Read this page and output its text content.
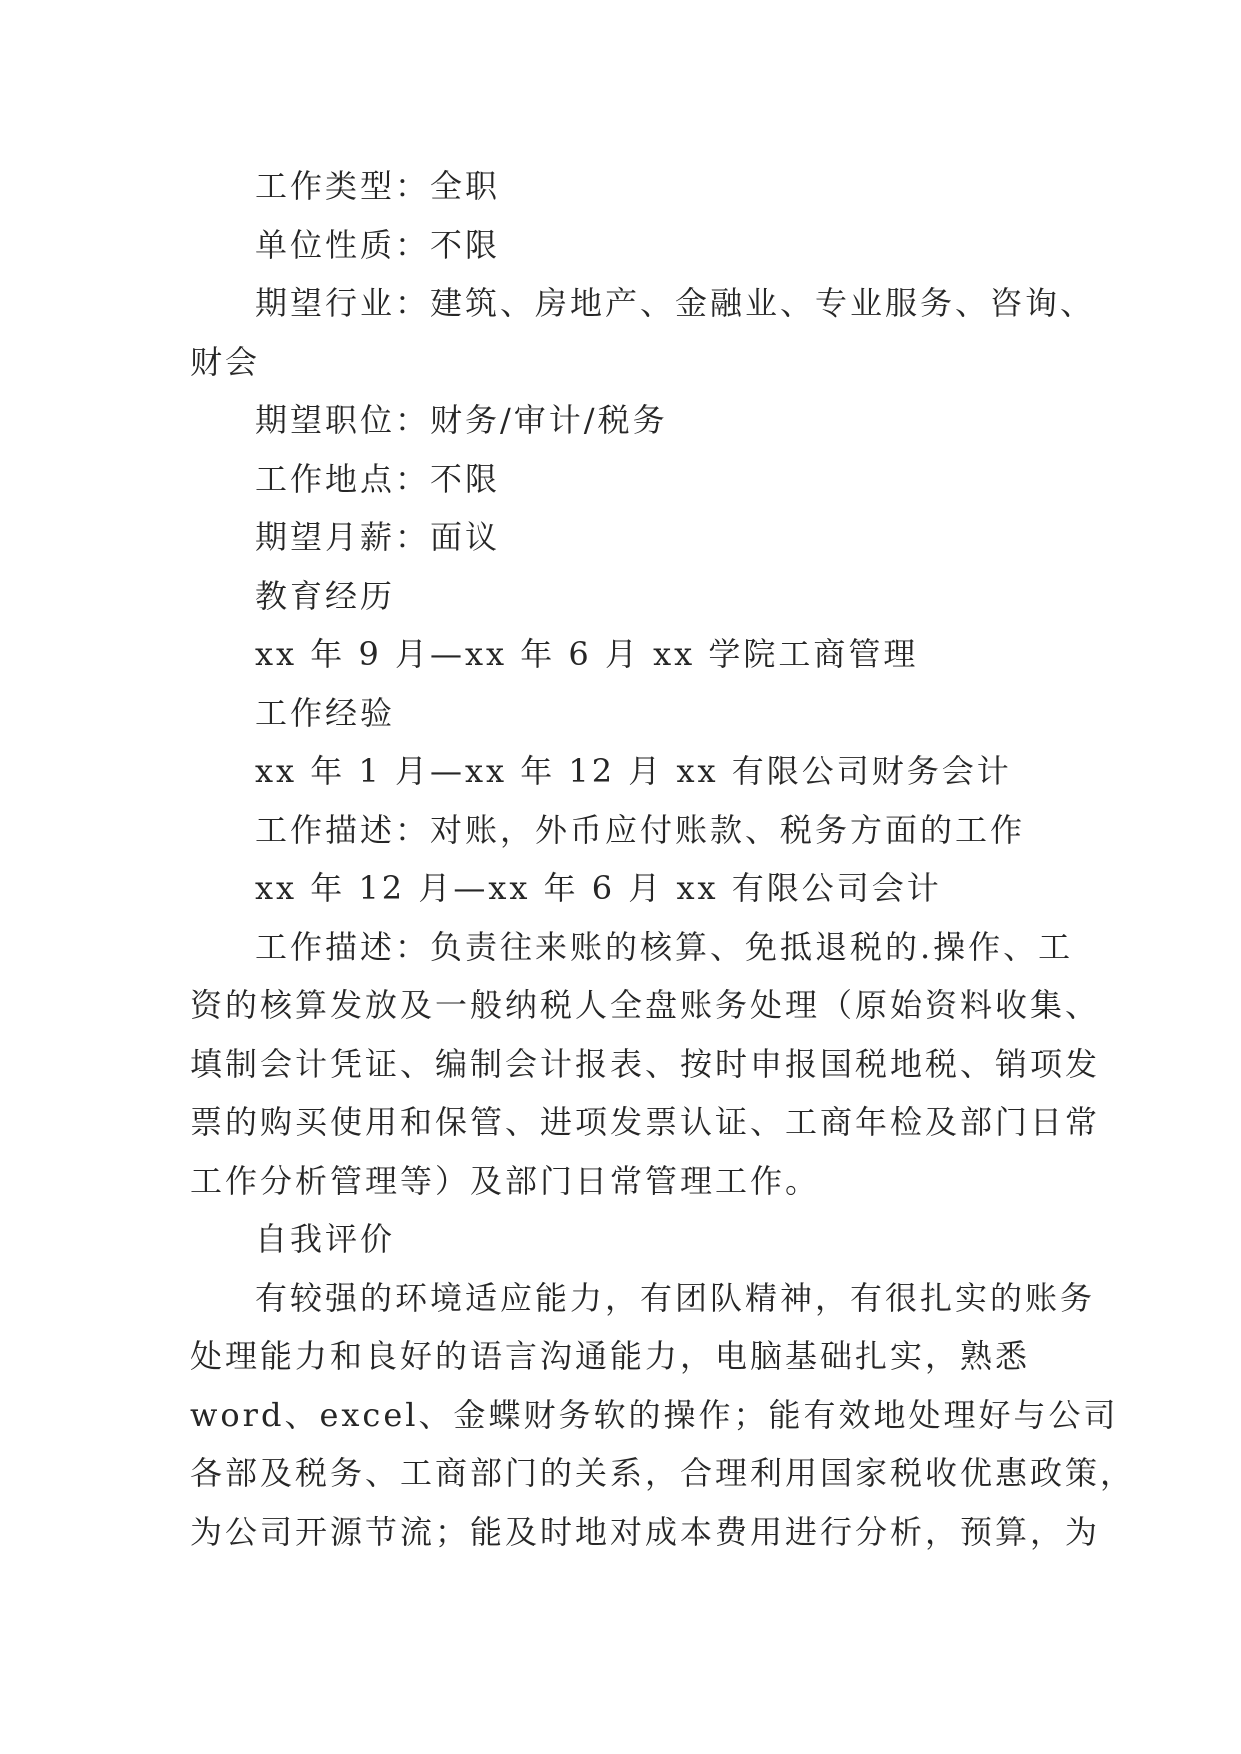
工作类型：全职

单位性质：不限

期望行业：建筑、房地产、金融业、专业服务、咨询、

财会

期望职位：财务/审计/税务

工作地点：不限

期望月薪：面议

教育经历

xx 年 9 月—xx 年 6 月 xx 学院工商管理

工作经验

xx 年 1 月—xx 年 12 月 xx 有限公司财务会计

工作描述：对账，外币应付账款、税务方面的工作

xx 年 12 月—xx 年 6 月 xx 有限公司会计

工作描述：负责往来账的核算、免抵退税的.操作、工

资的核算发放及一般纳税人全盘账务处理（原始资料收集、

填制会计凭证、编制会计报表、按时申报国税地税、销项发

票的购买使用和保管、进项发票认证、工商年检及部门日常

工作分析管理等）及部门日常管理工作。

自我评价

有较强的环境适应能力，有团队精神，有很扎实的账务

处理能力和良好的语言沟通能力，电脑基础扎实，熟悉

word、excel、金蝶财务软的操作；能有效地处理好与公司

各部及税务、工商部门的关系，合理利用国家税收优惠政策，

为公司开源节流；能及时地对成本费用进行分析，预算，为
